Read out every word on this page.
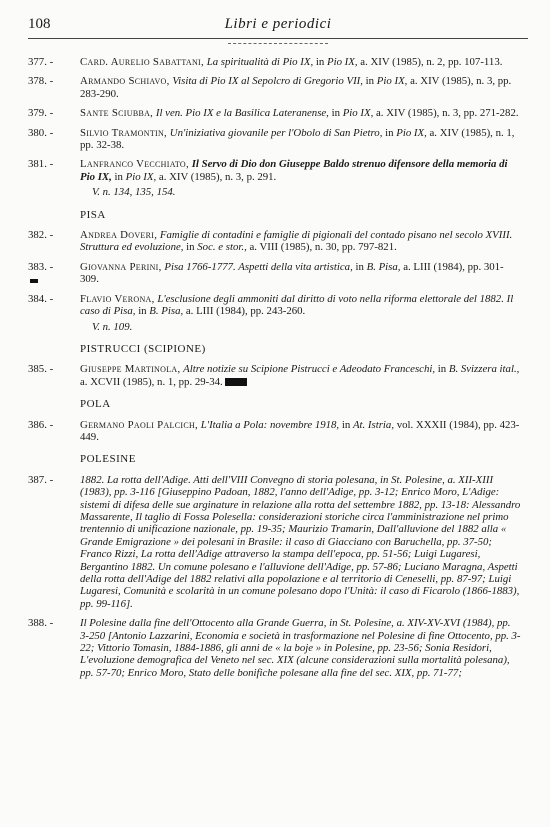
108	Libri e periodici
377. - Card. Aurelio Sabattani, La spiritualità di Pio IX, in Pio IX, a. XIV (1985), n. 2, pp. 107-113.
378. - Armando Schiavo, Visita di Pio IX al Sepolcro di Gregorio VII, in Pio IX, a. XIV (1985), n. 3, pp. 283-290.
379. - Sante Sciubba, Il ven. Pio IX e la Basilica Lateranense, in Pio IX, a. XIV (1985), n. 3, pp. 271-282.
380. - Silvio Tramontin, Un'iniziativa giovanile per l'Obolo di San Pietro, in Pio IX, a. XIV (1985), n. 1, pp. 32-38.
381. - Lanfranco Vecchiato, Il Servo di Dio don Giuseppe Baldo strenuo difensore della memoria di Pio IX, in Pio IX, a. XIV (1985), n. 3, p. 291.
V. n. 134, 135, 154.
PISA
382. - Andrea Doveri, Famiglie di contadini e famiglie di pigionali del contado pisano nel secolo XVIII. Struttura ed evoluzione, in Soc. e stor., a. VIII (1985), n. 30, pp. 797-821.
383. - Giovanna Perini, Pisa 1766-1777. Aspetti della vita artistica, in B. Pisa, a. LIII (1984), pp. 301-309.
384. - Flavio Verona, L'esclusione degli ammoniti dal diritto di voto nella riforma elettorale del 1882. Il caso di Pisa, in B. Pisa, a. LIII (1984), pp. 243-260.
V. n. 109.
PISTRUCCI (SCIPIONE)
385. - Giuseppe Martinola, Altre notizie su Scipione Pistrucci e Adeodato Franceschi, in B. Svizzera ital., a. XCVII (1985), n. 1, pp. 29-34.
POLA
386. - Germano Paoli Palcich, L'Italia a Pola: novembre 1918, in At. Istria, vol. XXXII (1984), pp. 423-449.
POLESINE
387. - 1882. La rotta dell'Adige. Atti dell'VIII Convegno di storia polesana, in St. Polesine, a. XII-XIII (1983), pp. 3-116 [Giuseppino Padoan, 1882, l'anno dell'Adige, pp. 3-12; Enrico Moro, L'Adige: sistemi di difesa delle sue arginature in relazione alla rotta del settembre 1882, pp. 13-18: Alessandro Massarente, Il taglio di Fossa Polesella: considerazioni storiche circa l'amministrazione nel primo trentennio di unificazione nazionale, pp. 19-35; Maurizio Tramarin, Dall'alluvione del 1882 alla « Grande Emigrazione » dei polesani in Brasile: il caso di Giacciano con Baruchella, pp. 37-50; Franco Rizzi, La rotta dell'Adige attraverso la stampa dell'epoca, pp. 51-56; Luigi Lugaresi, Bergantino 1882. Un comune polesano e l'alluvione dell'Adige, pp. 57-86; Luciano Maragna, Aspetti della rotta dell'Adige del 1882 relativi alla popolazione e al territorio di Ceneselli, pp. 87-97; Luigi Lugaresi, Comunità e scolarità in un comune polesano dopo l'Unità: il caso di Ficarolo (1866-1883), pp. 99-116].
388. - Il Polesine dalla fine dell'Ottocento alla Grande Guerra, in St. Polesine, a. XIV-XV-XVI (1984), pp. 3-250 [Antonio Lazzarini, Economia e società in trasformazione nel Polesine di fine Ottocento, pp. 3-22; Vittorio Tomasin, 1884-1886, gli anni de « la boje » in Polesine, pp. 23-56; Sonia Residori, L'evoluzione demografica del Veneto nel sec. XIX (alcune considerazioni sulla mortalità polesana), pp. 57-70; Enrico Moro, Stato delle bonifiche polesane alla fine del sec. XIX, pp. 71-77;
